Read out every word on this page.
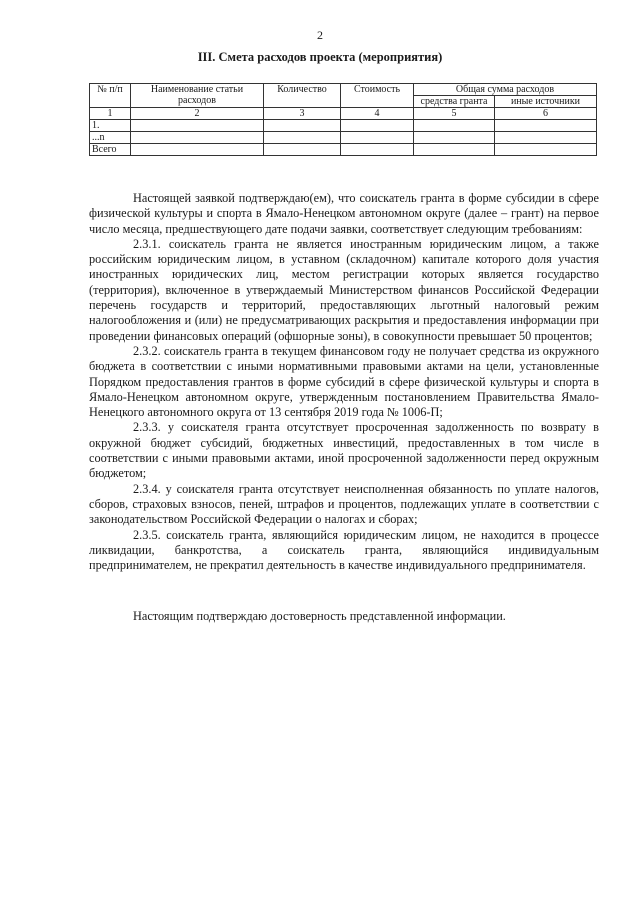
2
III. Смета расходов проекта (мероприятия)
№ п/п	Наименование статьи расходов	Количество	Стоимость	Общая сумма расходов	
				средства гранта	иные источники
1	2	3	4	5	6
1.					
...n					
Всего					

Настоящей заявкой подтверждаю(ем), что соискатель гранта в форме субсидии в сфере физической культуры и спорта в Ямало-Ненецком автономном округе (далее – грант) на первое число месяца, предшествующего дате подачи заявки, соответствует следующим требованиям:

2.3.1. соискатель гранта не является иностранным юридическим лицом, а также российским юридическим лицом, в уставном (складочном) капитале которого доля участия иностранных юридических лиц, местом регистрации которых является государство (территория), включенное в утверждаемый Министерством финансов Российской Федерации перечень государств и территорий, предоставляющих льготный налоговый режим налогообложения и (или) не предусматривающих раскрытия и предоставления информации при проведении финансовых операций (офшорные зоны), в совокупности превышает 50 процентов;

2.3.2. соискатель гранта в текущем финансовом году не получает средства из окружного бюджета в соответствии с иными нормативными правовыми актами на цели, установленные Порядком предоставления грантов в форме субсидий в сфере физической культуры и спорта в Ямало-Ненецком автономном округе, утвержденным постановлением Правительства Ямало-Ненецкого автономного округа от 13 сентября 2019 года № 1006-П;

2.3.3. у соискателя гранта отсутствует просроченная задолженность по возврату в окружной бюджет субсидий, бюджетных инвестиций, предоставленных в том числе в соответствии с иными правовыми актами, иной просроченной задолженности перед окружным бюджетом;

2.3.4. у соискателя гранта отсутствует неисполненная обязанность по уплате налогов, сборов, страховых взносов, пеней, штрафов и процентов, подлежащих уплате в соответствии с законодательством Российской Федерации о налогах и сборах;

2.3.5. соискатель гранта, являющийся юридическим лицом, не находится в процессе ликвидации, банкротства, а соискатель гранта, являющийся индивидуальным предпринимателем, не прекратил деятельность в качестве индивидуального предпринимателя.

Настоящим подтверждаю достоверность представленной информации.
